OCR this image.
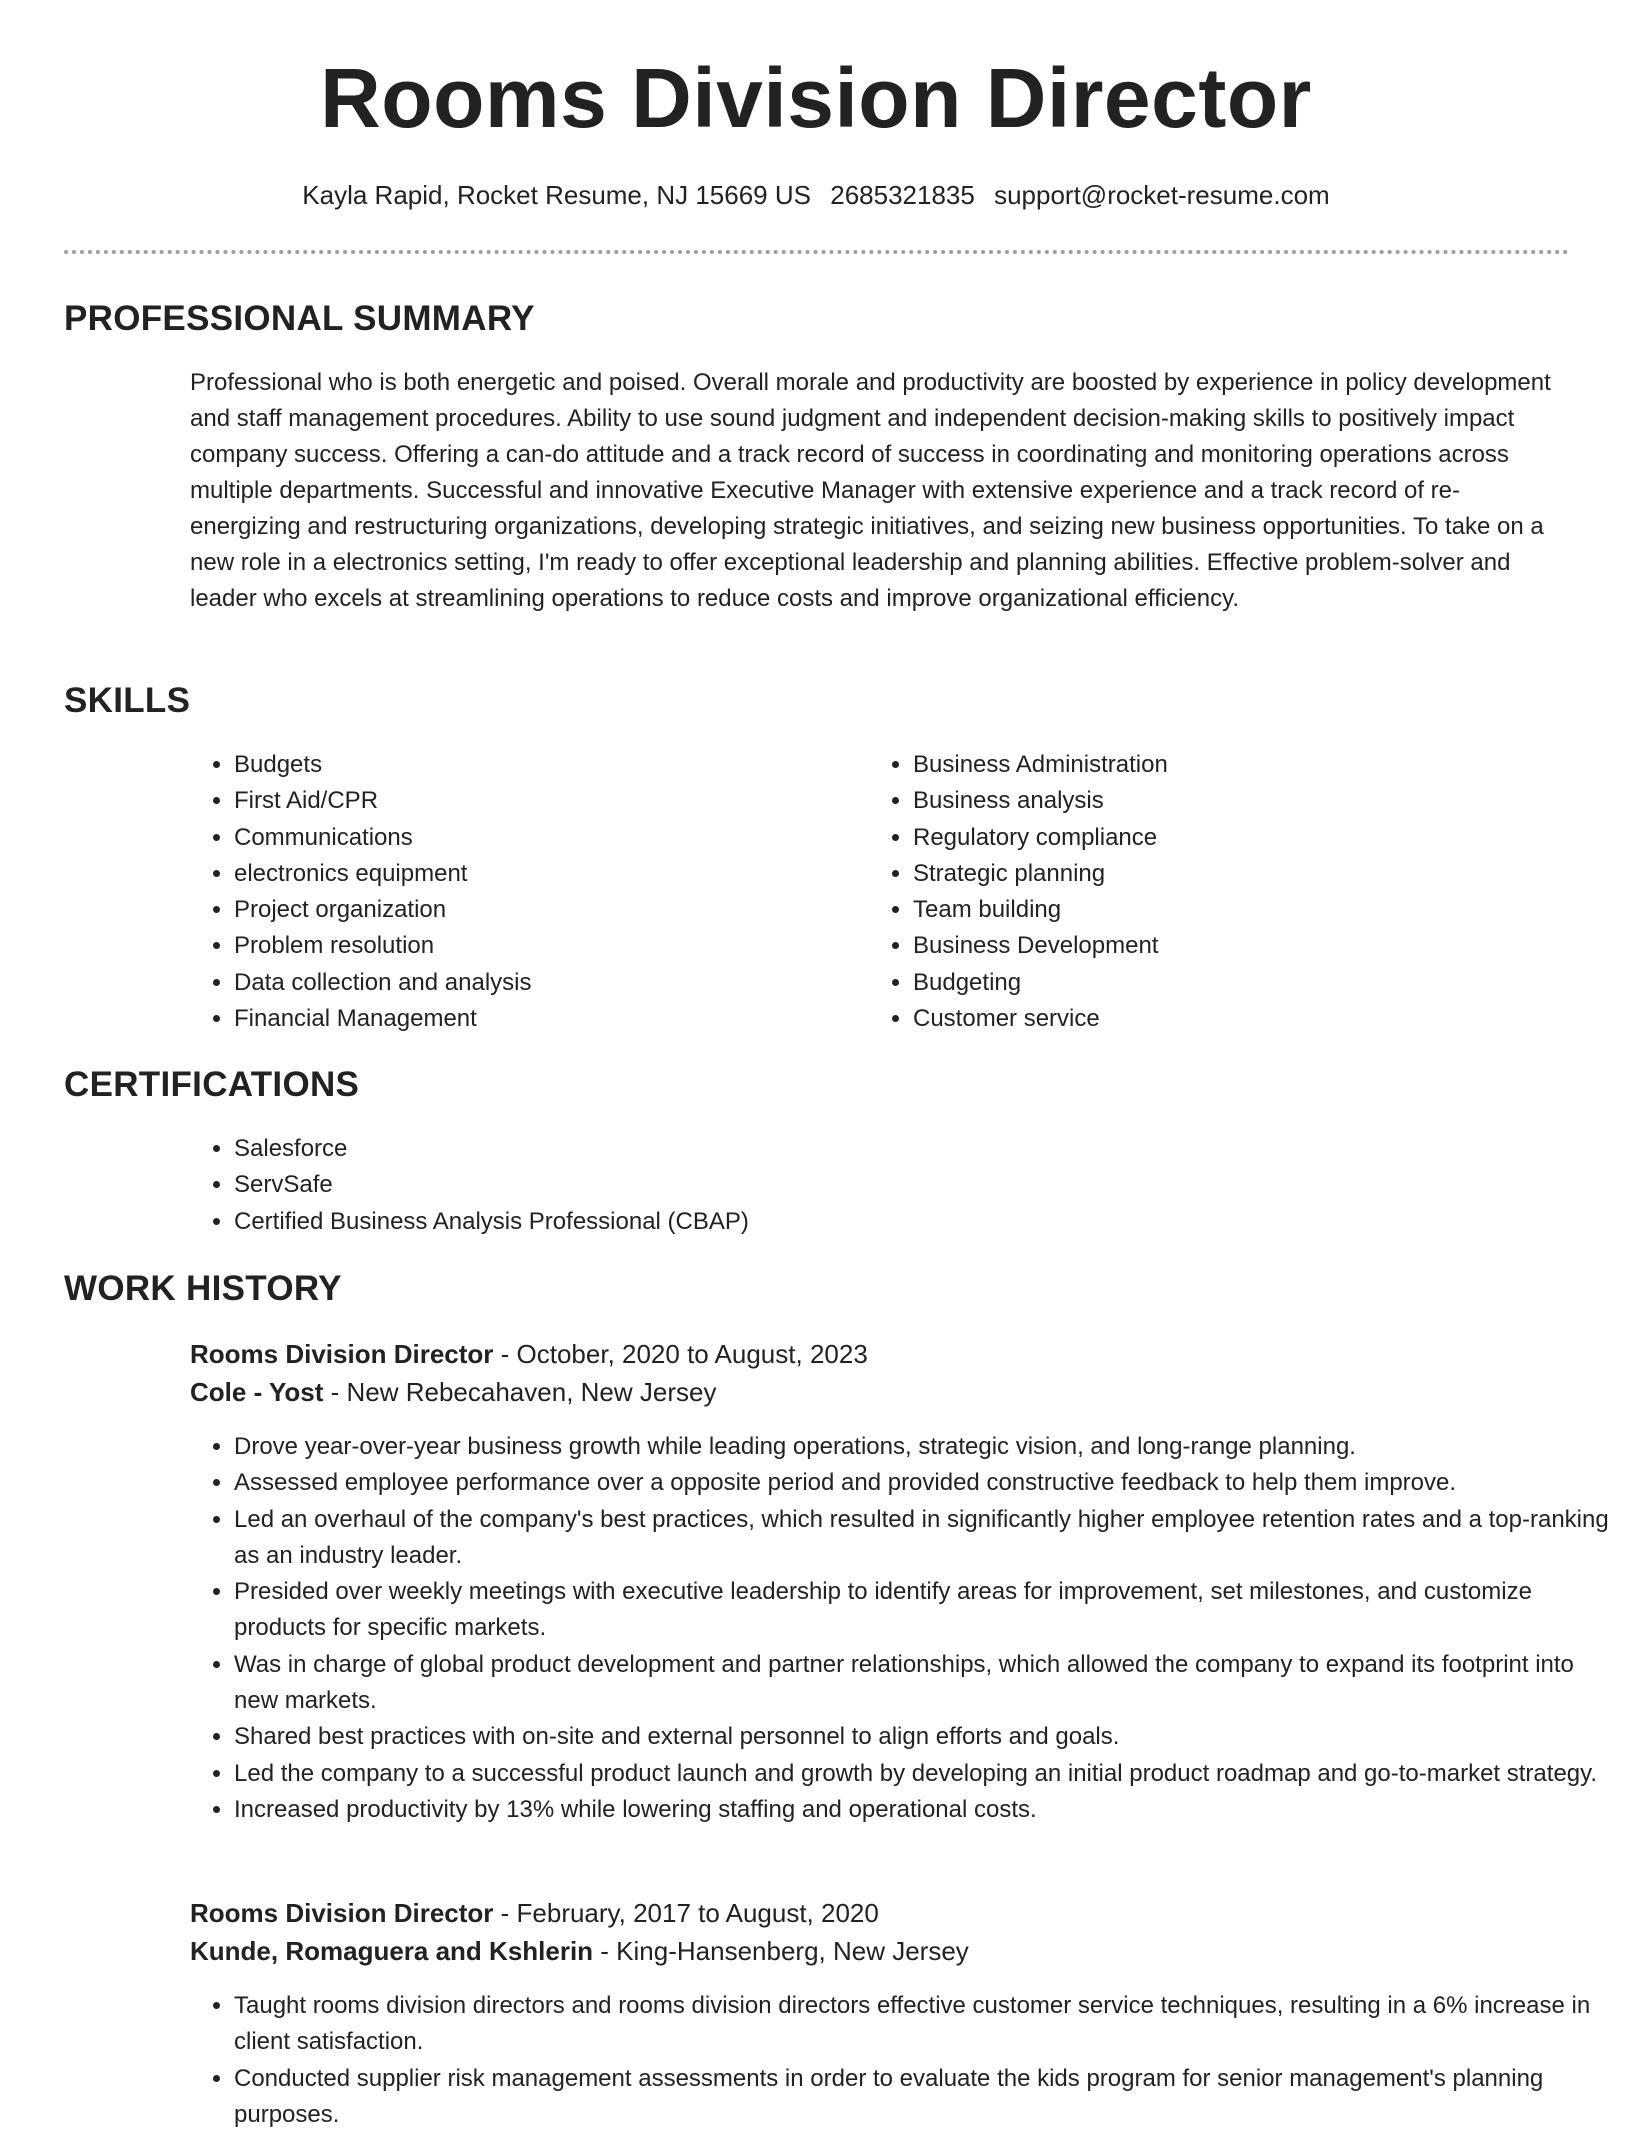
Rooms Division Director
Kayla Rapid, Rocket Resume, NJ 15669 US 2685321835 support@rocket-resume.com
PROFESSIONAL SUMMARY

Professional who is both energetic and poised. Overall morale and productivity are boosted by experience in policy development and staff management procedures. Ability to use sound judgment and independent decision-making skills to positively impact company success. Offering a can-do attitude and a track record of success in coordinating and monitoring operations across multiple departments. Successful and innovative Executive Manager with extensive experience and a track record of re-energizing and restructuring organizations, developing strategic initiatives, and seizing new business opportunities. To take on a new role in a electronics setting, I'm ready to offer exceptional leadership and planning abilities. Effective problem-solver and leader who excels at streamlining operations to reduce costs and improve organizational efficiency.

SKILLS
• Budgets
• First Aid/CPR
• Communications
• electronics equipment
• Project organization
• Problem resolution
• Data collection and analysis
• Financial Management
• Business Administration
• Business analysis
• Regulatory compliance
• Strategic planning
• Team building
• Business Development
• Budgeting
• Customer service
CERTIFICATIONS
• Salesforce
• ServSafe
• Certified Business Analysis Professional (CBAP)
WORK HISTORY
Rooms Division Director - October, 2020 to August, 2023
Cole - Yost - New Rebecahaven, New Jersey
• Drove year-over-year business growth while leading operations, strategic vision, and long-range planning.
• Assessed employee performance over a opposite period and provided constructive feedback to help them improve.
• Led an overhaul of the company's best practices, which resulted in significantly higher employee retention rates and a top-ranking as an industry leader.
• Presided over weekly meetings with executive leadership to identify areas for improvement, set milestones, and customize products for specific markets.
• Was in charge of global product development and partner relationships, which allowed the company to expand its footprint into new markets.
• Shared best practices with on-site and external personnel to align efforts and goals.
• Led the company to a successful product launch and growth by developing an initial product roadmap and go-to-market strategy.
• Increased productivity by 13% while lowering staffing and operational costs.
Rooms Division Director - February, 2017 to August, 2020
Kunde, Romaguera and Kshlerin - King-Hansenberg, New Jersey
• Taught rooms division directors and rooms division directors effective customer service techniques, resulting in a 6% increase in client satisfaction.
• Conducted supplier risk management assessments in order to evaluate the kids program for senior management's planning purposes.
